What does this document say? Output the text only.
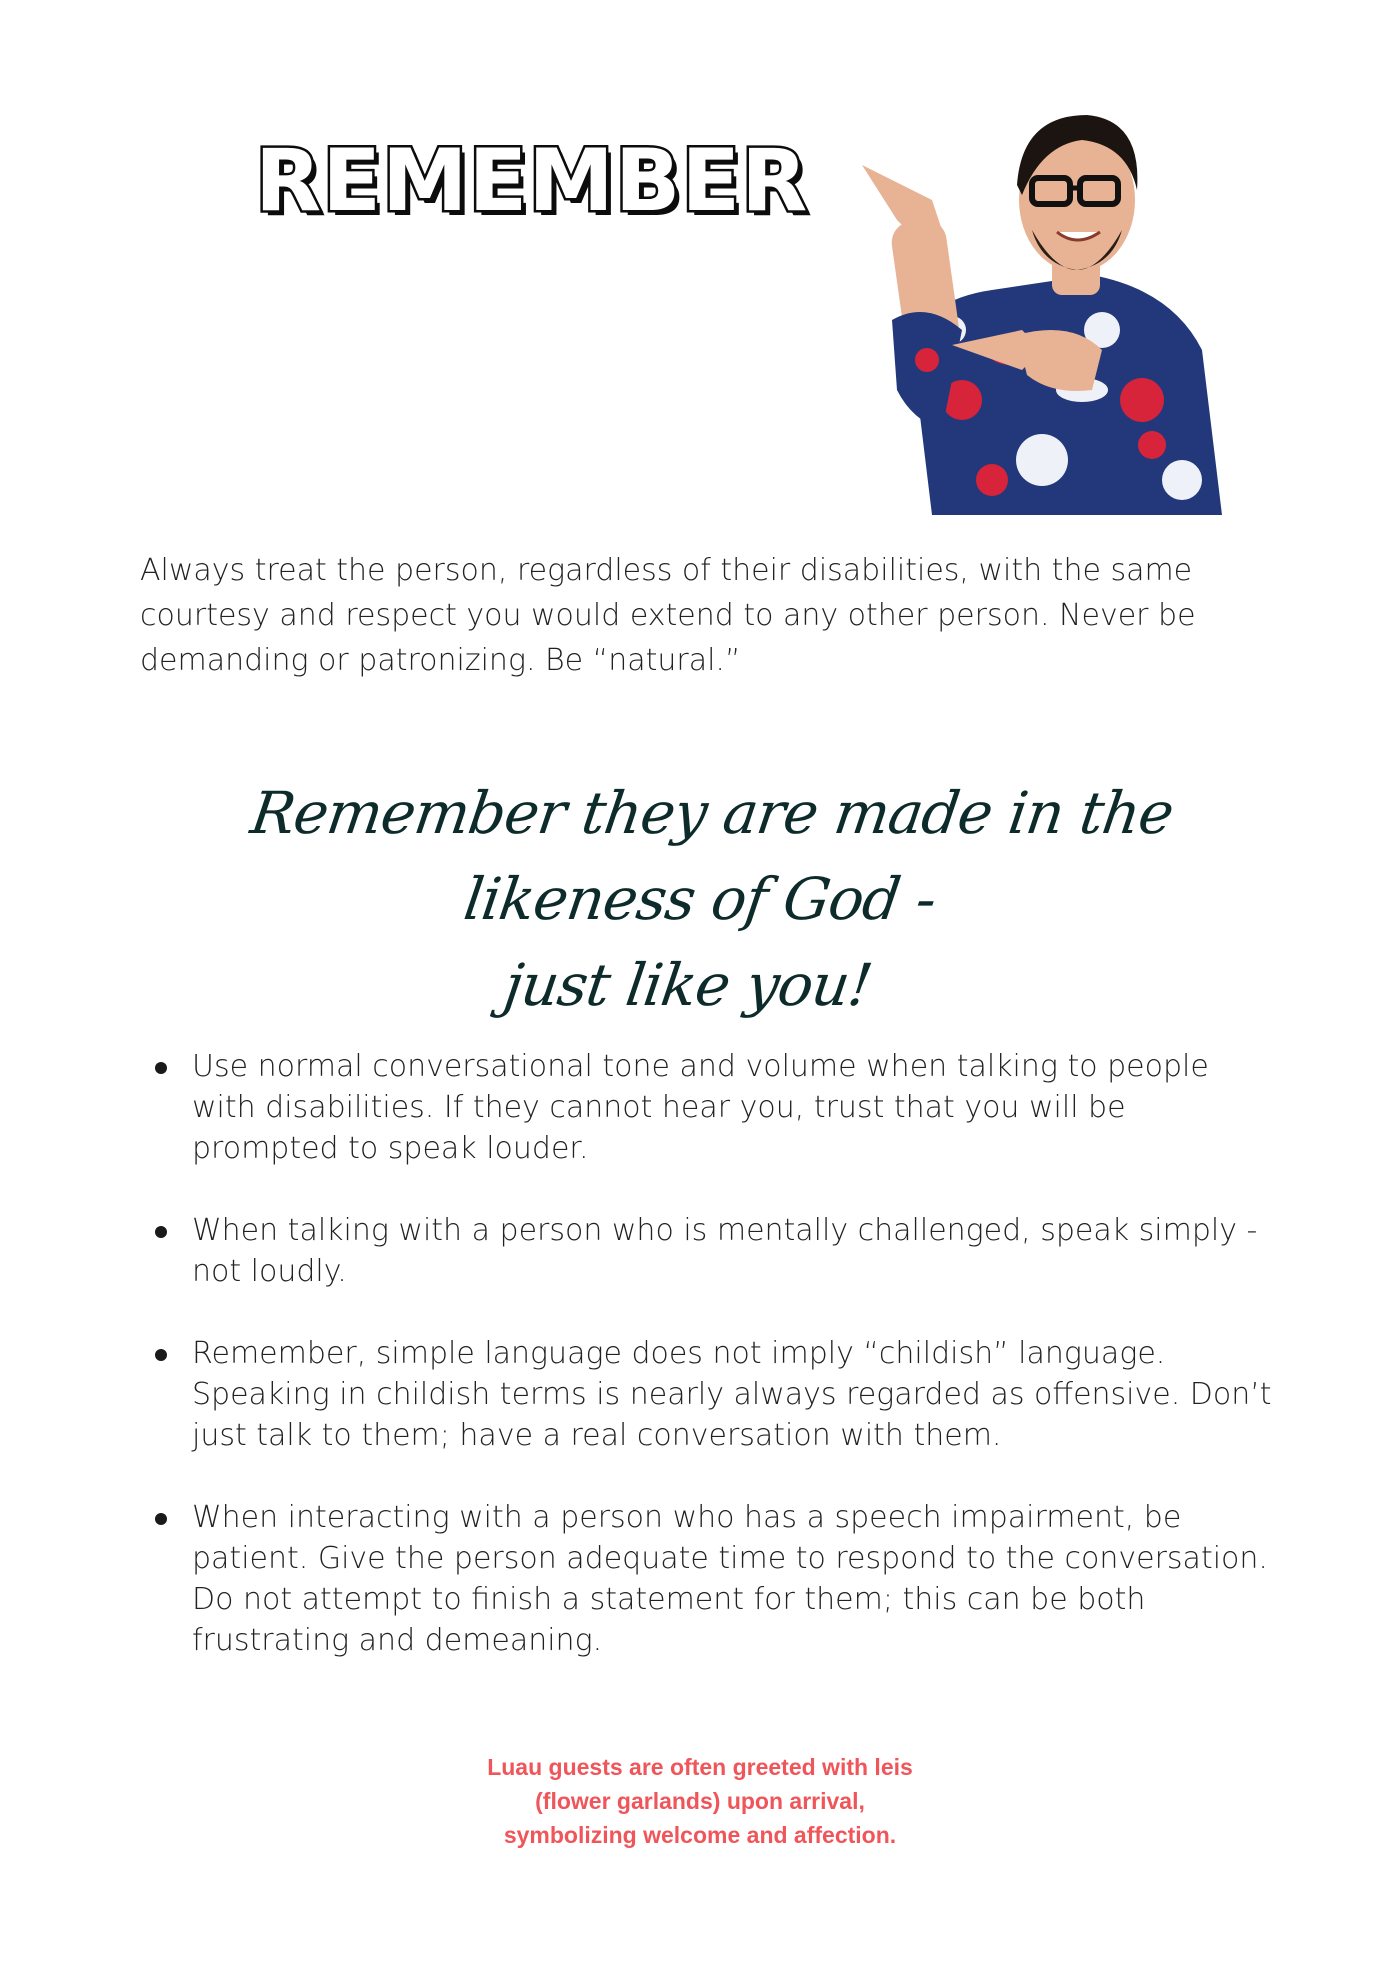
REMEMBER
Always treat the person, regardless of their disabilities, with the same courtesy and respect you would extend to any other person. Never be demanding or patronizing. Be “natural.”
Remember they are made in the likeness of God -
just like you!
Use normal conversational tone and volume when talking to people with disabilities. If they cannot hear you, trust that you will be prompted to speak louder.
When talking with a person who is mentally challenged, speak simply - not loudly.
Remember, simple language does not imply “childish” language. Speaking in childish terms is nearly always regarded as offensive. Don’t just talk to them; have a real conversation with them.
When interacting with a person who has a speech impairment, be patient. Give the person adequate time to respond to the conversation. Do not attempt to finish a statement for them; this can be both frustrating and demeaning.
Luau guests are often greeted with leis
(flower garlands) upon arrival,
symbolizing welcome and affection.
